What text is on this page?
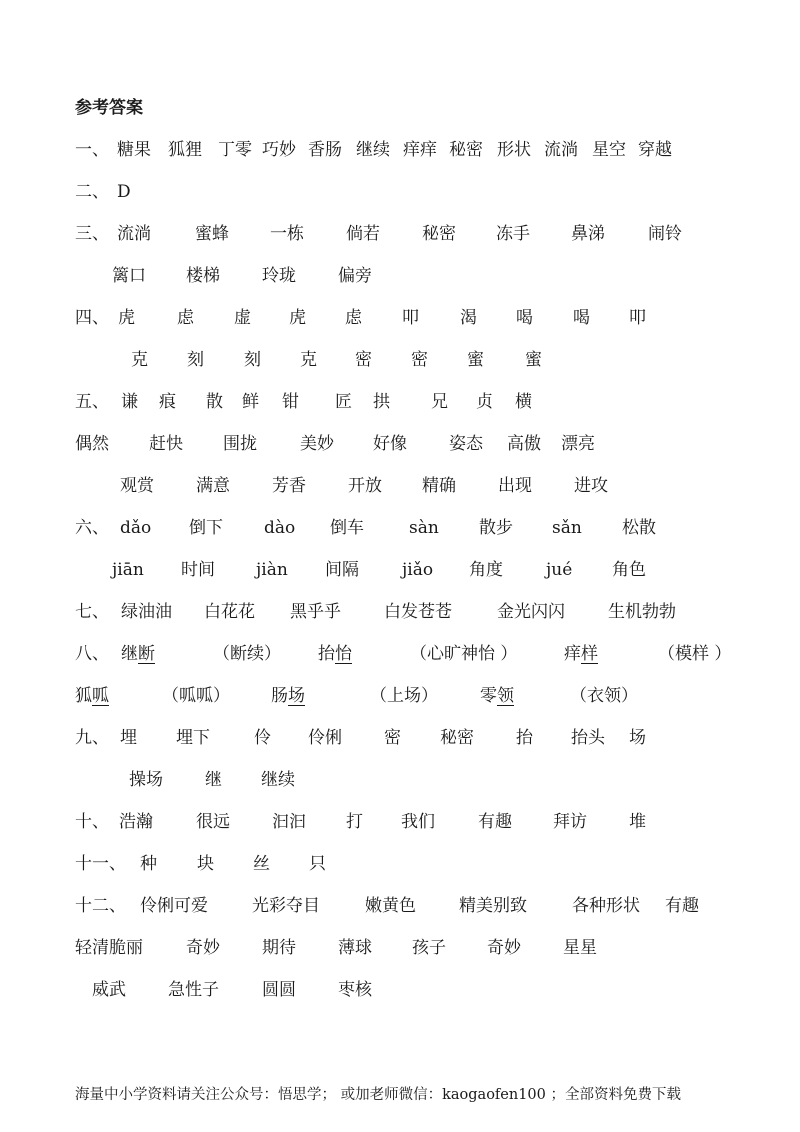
参考答案
一、 糖果 狐狸 丁零 巧妙 香肠 继续 痒痒 秘密 形状 流淌 星空 穿越
二、 D
三、 流淌	蜜蜂 一栋 倘若 秘密 冻手 鼻涕	闹铃
篱口 楼梯 玲珑 偏旁
四、 虎 虑 虚 虎 虑 叩 渴 喝 喝 叩
克 刻 刻 克 密 密 蜜 蜜
五、 谦 痕 散 鲜 钳 匠 拱 兄 贞 横
偶然 赶快 围拢	美妙 好像 姿态 高傲 漂亮
观赏 满意 芳香 开放 精确 出现 进攻
六、 dǎo 倒下 dào 倒车	sàn 散步 sǎn 松散
jiān 时间 jiàn 间隔	jiǎo 角度	jué 角色
七、 绿油油 白花花 黑乎乎	白发苍苍	金光闪闪	生机勃勃
八、 继 断	（断续） 抬 怡	（心旷神怡 ）	痒 样	（模样 ）
狐 呱	（呱呱） 肠 场	（上场） 零 领	（衣领）
九、 埋 埋下	伶 伶俐 密 秘密 抬 抬头 场
操场 继 继续
十、 浩瀚	很远 汩汩 打 我们	有趣 拜访 堆
十一、 种 块 丝 只
十二、 伶俐可爱	光彩夺目	嫩黄色	精美别致	各种形状 有趣
轻清脆丽	奇妙 期待 薄球 孩子 奇妙 星星
威武 急性子	圆圆 枣核
海量中小学资料请关注公众号：悟思学； 或加老师微信：kaogaofen100 ；全部资料免费下载
